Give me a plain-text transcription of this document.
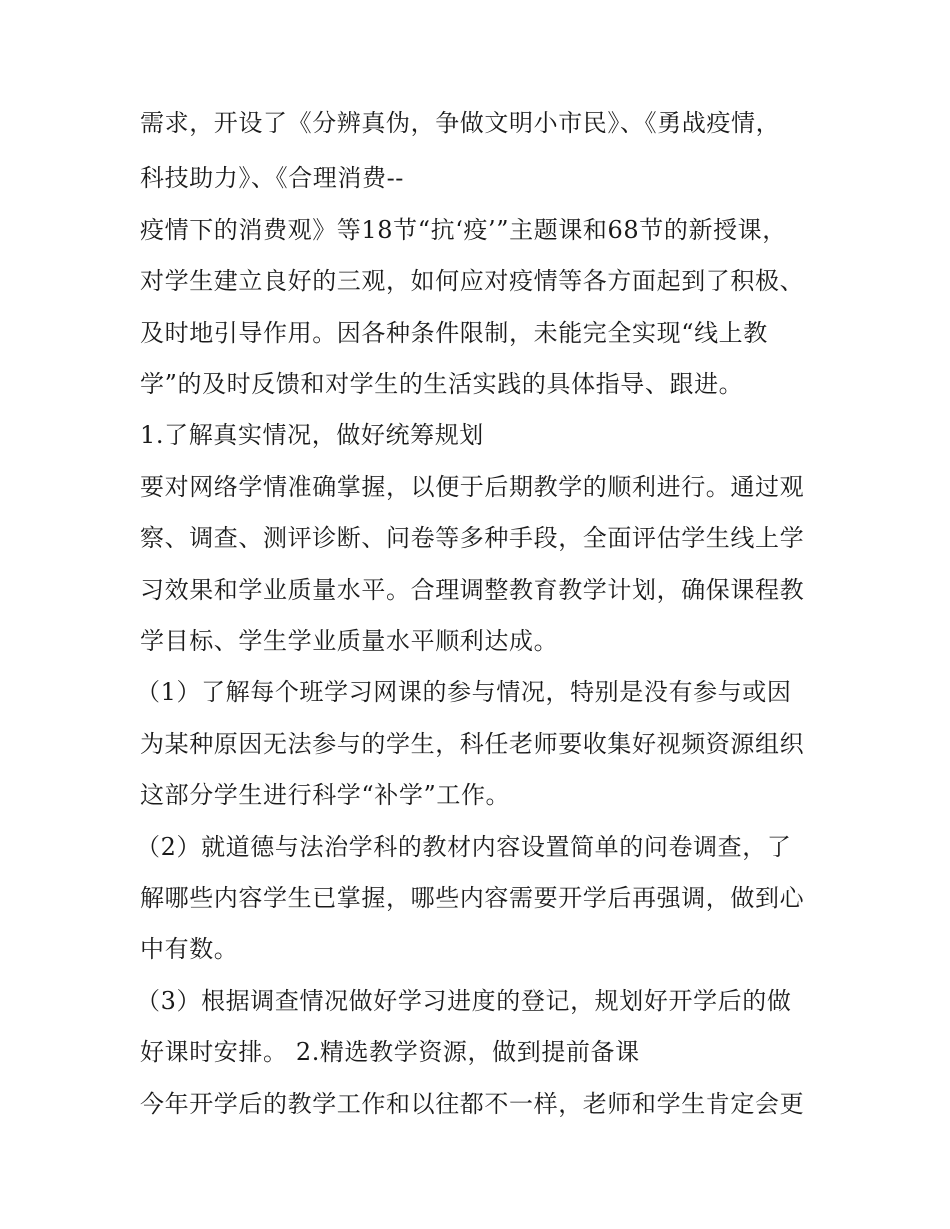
需求，开设了《分辨真伪，争做文明小市民》、《勇战疫情，
科技助力》、《合理消费--
疫情下的消费观》等18节“抗‘疫’”主题课和68节的新授课，
对学生建立良好的三观，如何应对疫情等各方面起到了积极、
及时地引导作用。因各种条件限制，未能完全实现“线上教
学”的及时反馈和对学生的生活实践的具体指导、跟进。
1.了解真实情况，做好统筹规划
要对网络学情准确掌握，以便于后期教学的顺利进行。通过观
察、调查、测评诊断、问卷等多种手段，全面评估学生线上学
习效果和学业质量水平。合理调整教育教学计划，确保课程教
学目标、学生学业质量水平顺利达成。
（1）了解每个班学习网课的参与情况，特别是没有参与或因
为某种原因无法参与的学生，科任老师要收集好视频资源组织
这部分学生进行科学“补学”工作。
（2）就道德与法治学科的教材内容设置简单的问卷调查，了
解哪些内容学生已掌握，哪些内容需要开学后再强调，做到心
中有数。
（3）根据调查情况做好学习进度的登记，规划好开学后的做
好课时安排。 2.精选教学资源，做到提前备课
今年开学后的教学工作和以往都不一样，老师和学生肯定会更
